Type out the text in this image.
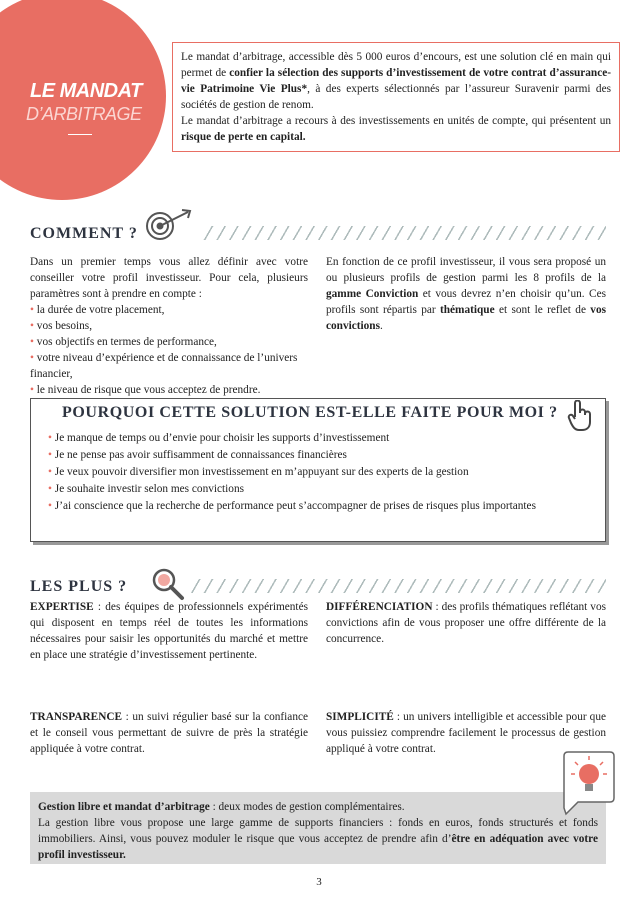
LE MANDAT
D’ARBITRAGE

Le mandat d’arbitrage, accessible dès 5 000 euros d’encours, est une solution clé en main qui permet de confier la sélection des supports d’investissement de votre contrat d’assurance-vie Patrimoine Vie Plus*, à des experts sélectionnés par l’assureur Suravenir parmi des sociétés de gestion de renom.

Le mandat d’arbitrage a recours à des investissements en unités de compte, qui présentent un risque de perte en capital.

COMMENT ?

Dans un premier temps vous allez définir avec votre conseiller votre profil investisseur. Pour cela, plusieurs paramètres sont à prendre en compte :

• la durée de votre placement,

• vos besoins,

• vos objectifs en termes de performance,

• votre niveau d’expérience et de connaissance de l’univers financier,

• le niveau de risque que vous acceptez de prendre.

En fonction de ce profil investisseur, il vous sera proposé un ou plusieurs profils de gestion parmi les 8 profils de la gamme Conviction et vous devrez n’en choisir qu’un. Ces profils sont répartis par thématique et sont le reflet de vos convictions.

POURQUOI CETTE SOLUTION EST-ELLE FAITE POUR MOI ?
• Je manque de temps ou d’envie pour choisir les supports d’investissement
• Je ne pense pas avoir suffisamment de connaissances financières
• Je veux pouvoir diversifier mon investissement en m’appuyant sur des experts de la gestion
• Je souhaite investir selon mes convictions
• J’ai conscience que la recherche de performance peut s’accompagner de prises de risques plus importantes
LES PLUS ?

EXPERTISE : des équipes de professionnels expérimentés qui disposent en temps réel de toutes les informations nécessaires pour saisir les opportunités du marché et mettre en place une stratégie d’investissement pertinente.

DIFFÉRENCIATION : des profils thématiques reflétant vos convictions afin de vous proposer une offre différente de la concurrence.

TRANSPARENCE : un suivi régulier basé sur la confiance et le conseil vous permettant de suivre de près la stratégie appliquée à votre contrat.

SIMPLICITÉ : un univers intelligible et accessible pour que vous puissiez comprendre facilement le processus de gestion appliqué à votre contrat.

Gestion libre et mandat d’arbitrage : deux modes de gestion complémentaires.

La gestion libre vous propose une large gamme de supports financiers : fonds en euros, fonds structurés et fonds immobiliers. Ainsi, vous pouvez moduler le risque que vous acceptez de prendre afin d’être en adéquation avec votre profil investisseur.

3
